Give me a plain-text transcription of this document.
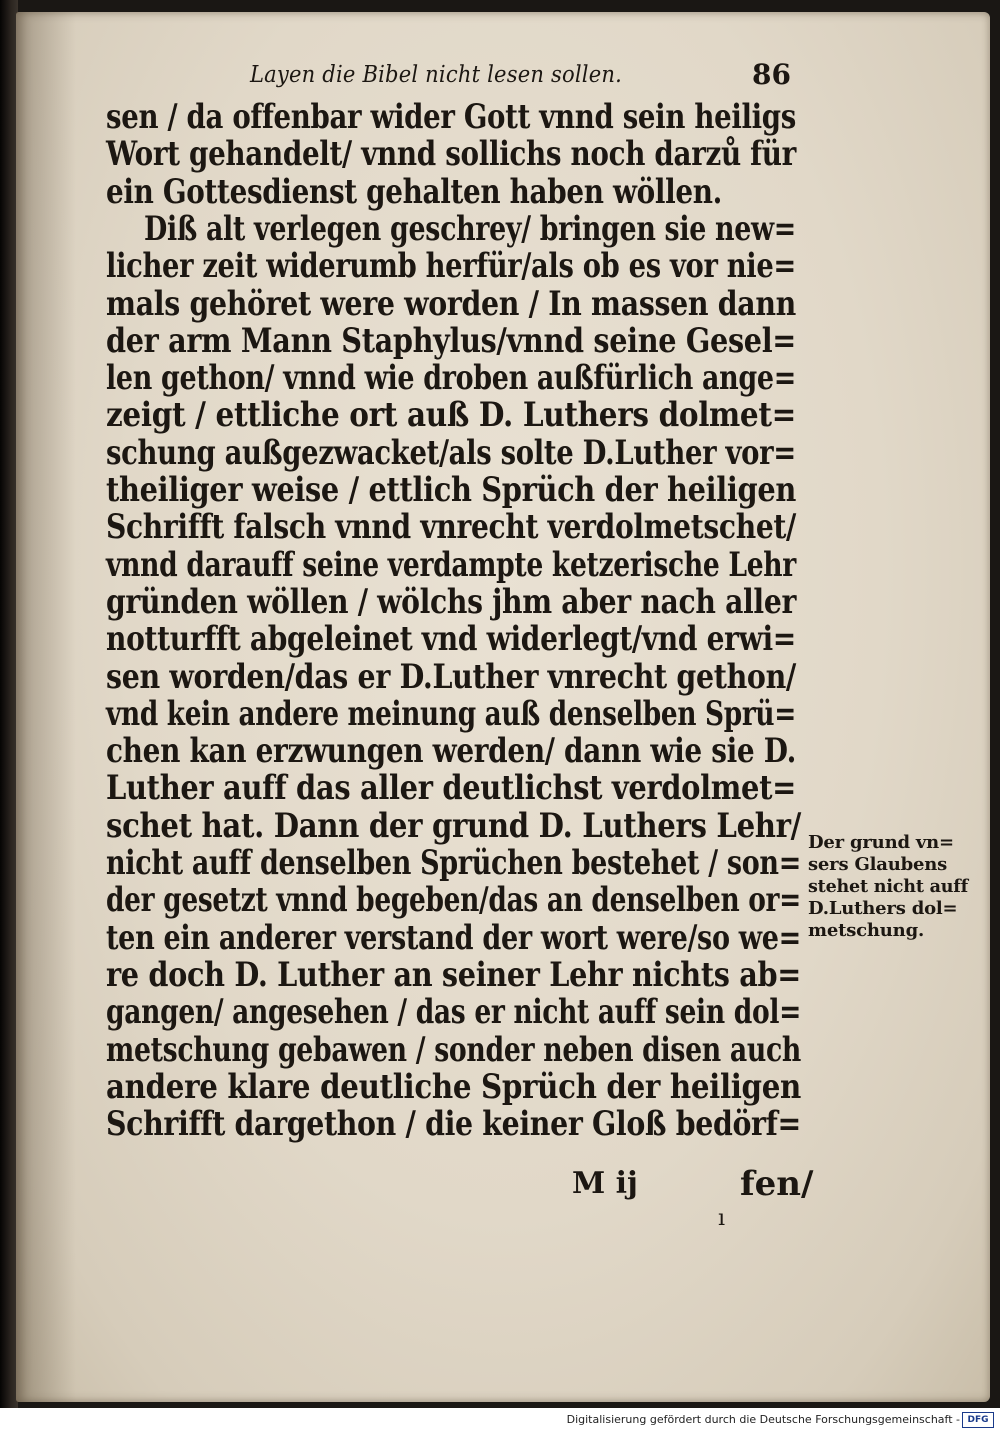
Layen die Bibel nicht lesen sollen.	86
sen / da offenbar wider Gott vnnd sein heiligs
Wort gehandelt/ vnnd sollichs noch darzů für
ein Gottesdienst gehalten haben wöllen.
Diß alt verlegen geschrey/ bringen sie new=
licher zeit widerumb herfür/als ob es vor nie=
mals gehöret were worden / In massen dann
der arm Mann Staphylus/vnnd seine Gesel=
len gethon/ vnnd wie droben außfürlich ange=
zeigt / ettliche ort auß D. Luthers dolmet=
schung außgezwacket/als solte D.Luther vor=
theiliger weise / ettlich Sprüch der heiligen
Schrifft falsch vnnd vnrecht verdolmetschet/
vnnd darauff seine verdampte ketzerische Lehr
gründen wöllen / wölchs jhm aber nach aller
notturfft abgeleinet vnd widerlegt/vnd erwi=
sen worden/das er D.Luther vnrecht gethon/
vnd kein andere meinung auß denselben Sprü=
chen kan erzwungen werden/ dann wie sie D.
Luther auff das aller deutlichst verdolmet=
schet hat. Dann der grund D. Luthers Lehr/
nicht auff denselben Sprüchen bestehet / son=
der gesetzt vnnd begeben/das an denselben or=
ten ein anderer verstand der wort were/so we=
re doch D. Luther an seiner Lehr nichts ab=
gangen/ angesehen / das er nicht auff sein dol=
metschung gebawen / sonder neben disen auch
andere klare deutliche Sprüch der heiligen
Schrifft dargethon / die keiner Gloß bedörf=
Der grund vn=
sers Glaubens
stehet nicht auff
D.Luthers dol=
metschung.
M ij
ı
fen/
Digitalisierung gefördert durch die Deutsche Forschungsgemeinschaft - DFG
